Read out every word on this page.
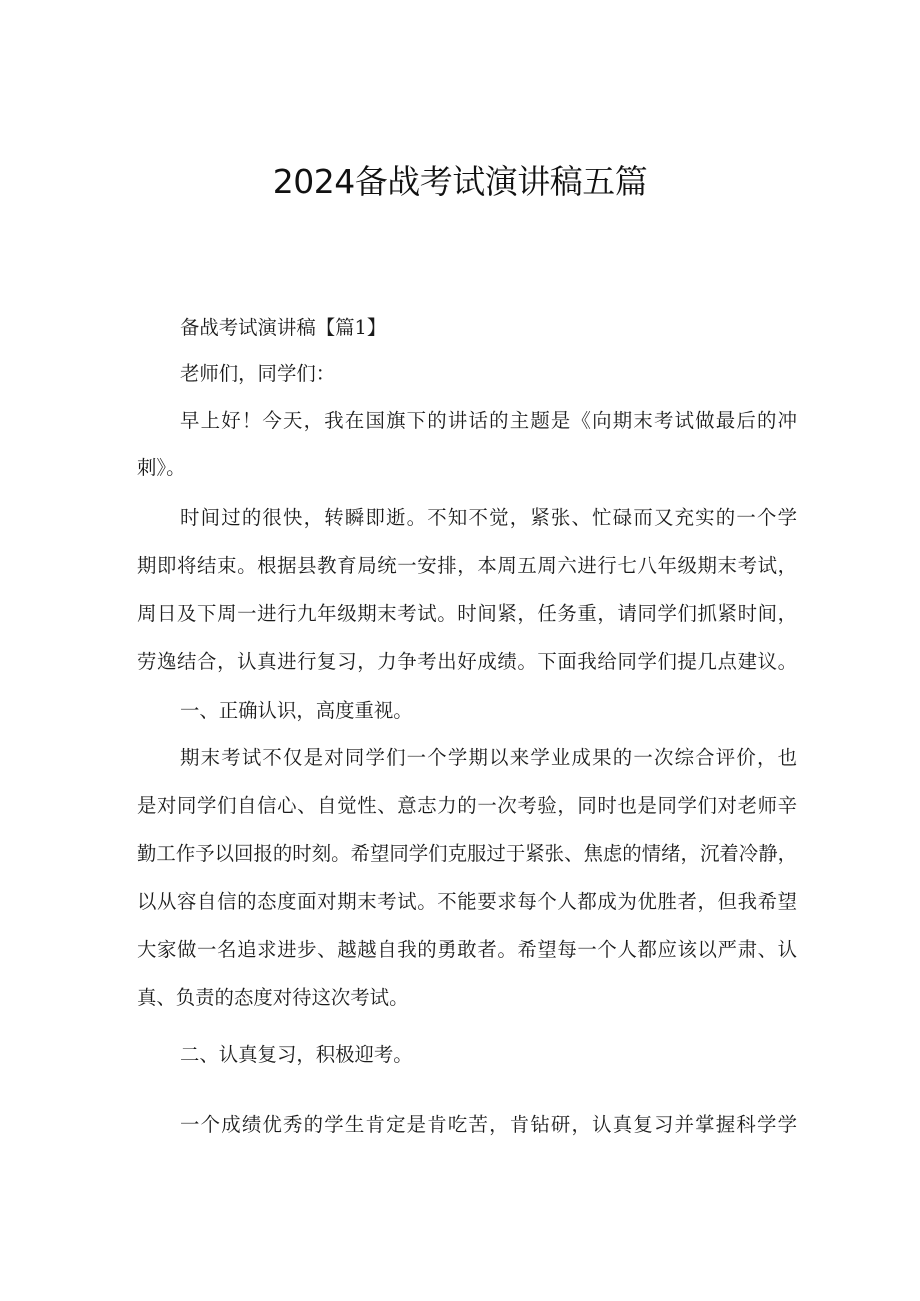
2024备战考试演讲稿五篇
备战考试演讲稿【篇1】
老师们，同学们：
早上好！今天，我在国旗下的讲话的主题是《向期末考试做最后的冲
刺》。
时间过的很快，转瞬即逝。不知不觉，紧张、忙碌而又充实的一个学
期即将结束。根据县教育局统一安排，本周五周六进行七八年级期末考试，
周日及下周一进行九年级期末考试。时间紧，任务重，请同学们抓紧时间，
劳逸结合，认真进行复习，力争考出好成绩。下面我给同学们提几点建议。
一、正确认识，高度重视。
期末考试不仅是对同学们一个学期以来学业成果的一次综合评价，也
是对同学们自信心、自觉性、意志力的一次考验，同时也是同学们对老师辛
勤工作予以回报的时刻。希望同学们克服过于紧张、焦虑的情绪，沉着冷静，
以从容自信的态度面对期末考试。不能要求每个人都成为优胜者，但我希望
大家做一名追求进步、越越自我的勇敢者。希望每一个人都应该以严肃、认
真、负责的态度对待这次考试。
二、认真复习，积极迎考。
一个成绩优秀的学生肯定是肯吃苦，肯钻研，认真复习并掌握科学学
